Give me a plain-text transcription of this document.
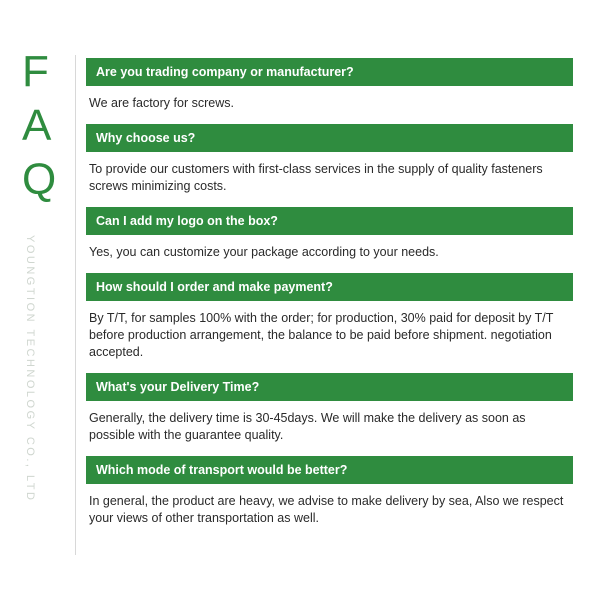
F
A
Q
YOUNGTION TECHNOLOGY CO., LTD
Are you trading company or manufacturer?
We are factory for screws.
Why choose us?
To provide our customers with first-class services in the supply of quality fasteners screws minimizing costs.
Can I add my logo on the box?
Yes, you can customize your package according to your needs.
How should I order and make payment?
By T/T, for samples 100% with the order; for production, 30% paid for deposit by T/T before production arrangement, the balance to be paid before shipment. negotiation accepted.
What's your Delivery Time?
Generally, the delivery time is 30-45days. We will make the delivery as soon as possible with the guarantee quality.
Which mode of transport would be better?
In general, the product are heavy, we advise to make delivery by sea, Also we respect your views of other transportation as well.
